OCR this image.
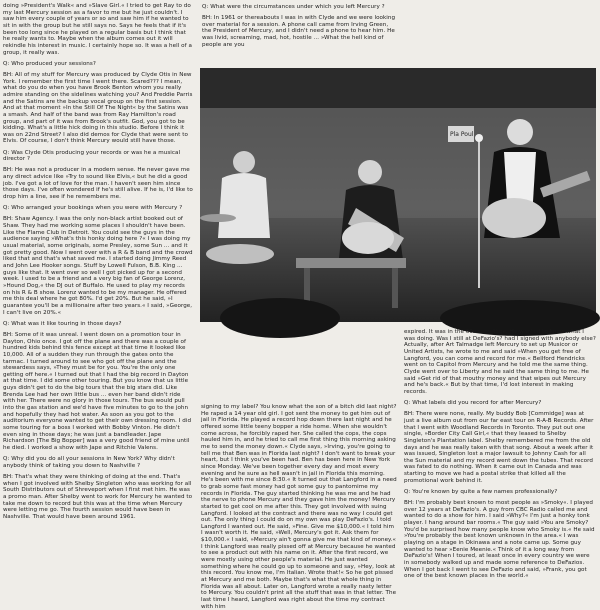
doing »President's Walk« and »Slave Girl.« I tried to get Ray to do my last Mercury session as a favor to me but he just couldn't. I saw him every couple of years or so and saw him if he wanted to sit in with the group but he still says no. Says he feels that if it's been too long since he played on a regular basis but I think that he really wants to. Maybe when the album comes out it will rekindle his interest in music. I certainly hope so. It was a hell of a group, it really was.

Q: Who produced your sessions?

BH: All of my stuff for Mercury was produced by Clyde Otis in New York. I remember the first time I went there. Scared??? I mean, what do you do when you have Brook Benton whom you really admire standing on the sidelines watching you? And Freddie Parris and the Satins are the backup vocal group on the first session. And at that moment »In the Still Of The Night« by the Satins was a smash. And half of the band was from Ray Hamilton's road group, and part of it was from Brook's outfit. God, you got to be kidding. What's a little hick doing in this studio. Before I think it was on 22nd Street? I also did demos for Clyde that were sent to Elvis. Of course, I don't think Mercury would still have those.

Q: Was Clyde Otis producing your records or was he a musical director ?

BH: He was not a producer in a modern sense. He never gave me any direct advice like »Try to sound like Elvis,« but he did a good job. I've got a lot of love for the man. I haven't seen him since those days. I've often wondered if he's still alive. If he is, I'd like to drop him a line, see if he remembers me.

Q: Who arranged your bookings when you were with Mercury ?

BH: Shaw Agency. I was the only non-black artist booked out of Shaw. They had me working some places I shouldn't have been. Like the Flame Club in Detroit. You could see the guys in the audience saying »What's this honky doing here ?« I was doing my usual material, some originals, some Presley, some Sun ... and it got pretty good. Now I went over with a R & B band and the crowd liked that and that's what saved me. I started doing Jimmy Reed and John Lee Hooker songs. Stuff by Lowell Fulson, B.B. King ... guys like that. It went over so well I got picked up for a second week. I used to be a friend and a very big fan of George Lorenz, »Hound Dog,« the DJ out of Buffalo. He used to play my records on his R & B show. Lorenz wanted to be my manager. He offered me this deal where he got 80%. I'd get 20%. But he said, »I guarantee you'll be a millionaire after two years.« I said, »George, I can't live on 20%.«

Q: What was it like touring in those days?

BH: Some of it was unreal. I went down on a promotion tour in Dayton, Ohio once. I got off the plane and there was a couple of hundred kids behind this fence except at that time it looked like 10,000. All of a sudden they run through the gates onto the tarmac. I turned around to see who got off the plane and the stewardess says, »They must be for you. You're the only one getting off here.« I turned out that I had the big record in Dayton at that time. I did some other touring. But you know that us little guys didn't get to do the big tours that the big stars did. Like Brenda Lee had her own little bus ... even her band didn't ride with her. There were no glory in those tours. The bus would pull into the gas station and we'd have five minutes to go to the john and hopefully they had hot water. As soon as you got to the auditorium everyone wanted to get their own dressing room. I did some touring for a boss I worked with Bobby Vinton. He didn't even sing in those days; he was just a bandleader. Jape Richardson [The Big Bopper] was a very good friend of mine until he died. I worked a show with Jape and Ritchie Valens.

Q: Why did you do all your sessions in New York? Why didn't anybody think of taking you down to Nashville ?

BH: That's what they were thinking of doing at the end. That's when I got involved with Shelby Singleton who was working for all South Distributors out of Shreveport when I first met him. He was a promo man. After Shelby went to work for Mercury he wanted to take me down to record but this was at the time when Mercury were letting me go. The fourth session would have been in Nashville. That would have been around 1961.

Q: What were the circumstances under which you left Mercury ?

BH: In 1961 or thereabouts I was in with Clyde and we were looking over material for a session. A phone call came from Irving Green, the President of Mercury, and I didn't need a phone to hear him. He was livid, screaming, mad, hot, hostile ... »What the hell kind of people are you

Pla Poul

signing to my label? You know what the son of a bitch did last night? He raped a 14 year old girl. I got sent the money to get him out of jail in Florida. He played a record hop down there last night and he offered some little teeny bopper a ride home. When she wouldn't come across, he forcibly raped her. She called the cops, the cops hauled him in, and he tried to call me first thing this morning asking me to send the money down.« Clyde says, »Irving, you're going to tell me that Ben was in Florida last night? I don't want to break your heart, but I think you've been had. Ben has been here in New York since Monday. We've been together every day and most every evening and he sure as hell wasn't in jail in Florida this morning. He's been with me since 8:30.« It turned out that Langford in a need to grab some fast money had got some guy to pantomime my records in Florida. The guy started thinking he was me and he had the nerve to phone Mercury and they gave him the money! Mercury started to get cool on me after this. They got involved with suing Langford. I looked at the contract and there was no way I could get out. The only thing I could do on my own was play DeFazio's. I told Langford I wanted out. He said, »Fine. Give me $10,000.« I told him I wasn't worth it. He said, »Well, Mercury's got it. Ask them for $10,000.« I said, »Mercury ain't gonna give me that kind of money.« I think Langford was really pissed off at Mercury because he wanted to see a product out with his name on it. After the first record, we were mostly using other people's material. He just wanted something where he could go up to someone and say, »Hey, look at this record. You know me, I'm Italian. Wrote that!« So he got pissed at Mercury and me both. Maybe that's what that whole thing in Florida was all about. Later on, Langford wrote a really nasty letter to Mercury. You couldn't print all the stuff that was in that letter. The last time I heard, Langford was right about the time my contract with him

expired. It was in the 60s sometime. He wanted to know what I was doing. Was I still at DeFazio's? had I signed with anybody else? Actually, after Art Talmadge left Mercury to set up Musicor or United Artists, he wrote to me and said »When you get free of Langford, you can come and record for me.« Bellford Hendricks went on to Capitol from Mercury and he told me the same thing. Clyde went over to Liberty and he said the same thing to me. He said »Get rid of that mouthy money and that wipes out Mercury and he's back.« But by that time, I'd lost interest in making records.

Q: What labels did you record for after Mercury?

BH: There were none, really. My buddy Bob [Commidge] was at just a live album out from our far east tour on R-A-B Records. After that I went with Woodland Records in Toronto. They put out one single, »Border City Call Girl,« that they leased to Shelby Singleton's Plantation label. Shelby remembered me from the old days and he was really taken with that song. About a week after it was issued, Singleton lost a major lawsuit to Johnny Cash for all the Sun material and my record went down the tubes. That record was fated to do nothing. When it came out in Canada and was starting to move we had a postal strike that killed all the promotional work behind it.

Q: You're known by quite a few names professionally?

BH: I'm probably best known to most people as »Smoky«. I played over 12 years at DeFazio's. A guy from CBC Radio called me and wanted to do a show for him. I said »Why?« I'm just a honky tonk player. I hang around bar rooms.« The guy said »You are Smoky? You'd be surprised how many people know who Smoky is.« He said »You're probably the best known unknown in the area.« I was playing on a stage in Okinawa and a note came up. Some guy wanted to hear »Eenie Meenie.« Think of it a long way from DeFazio's! When I toured, at least once in every country we were in somebody walked up and made some reference to DeFazios. When I got back I went to see DeFazio and said, »Frank, you got one of the best known places in the world.«
